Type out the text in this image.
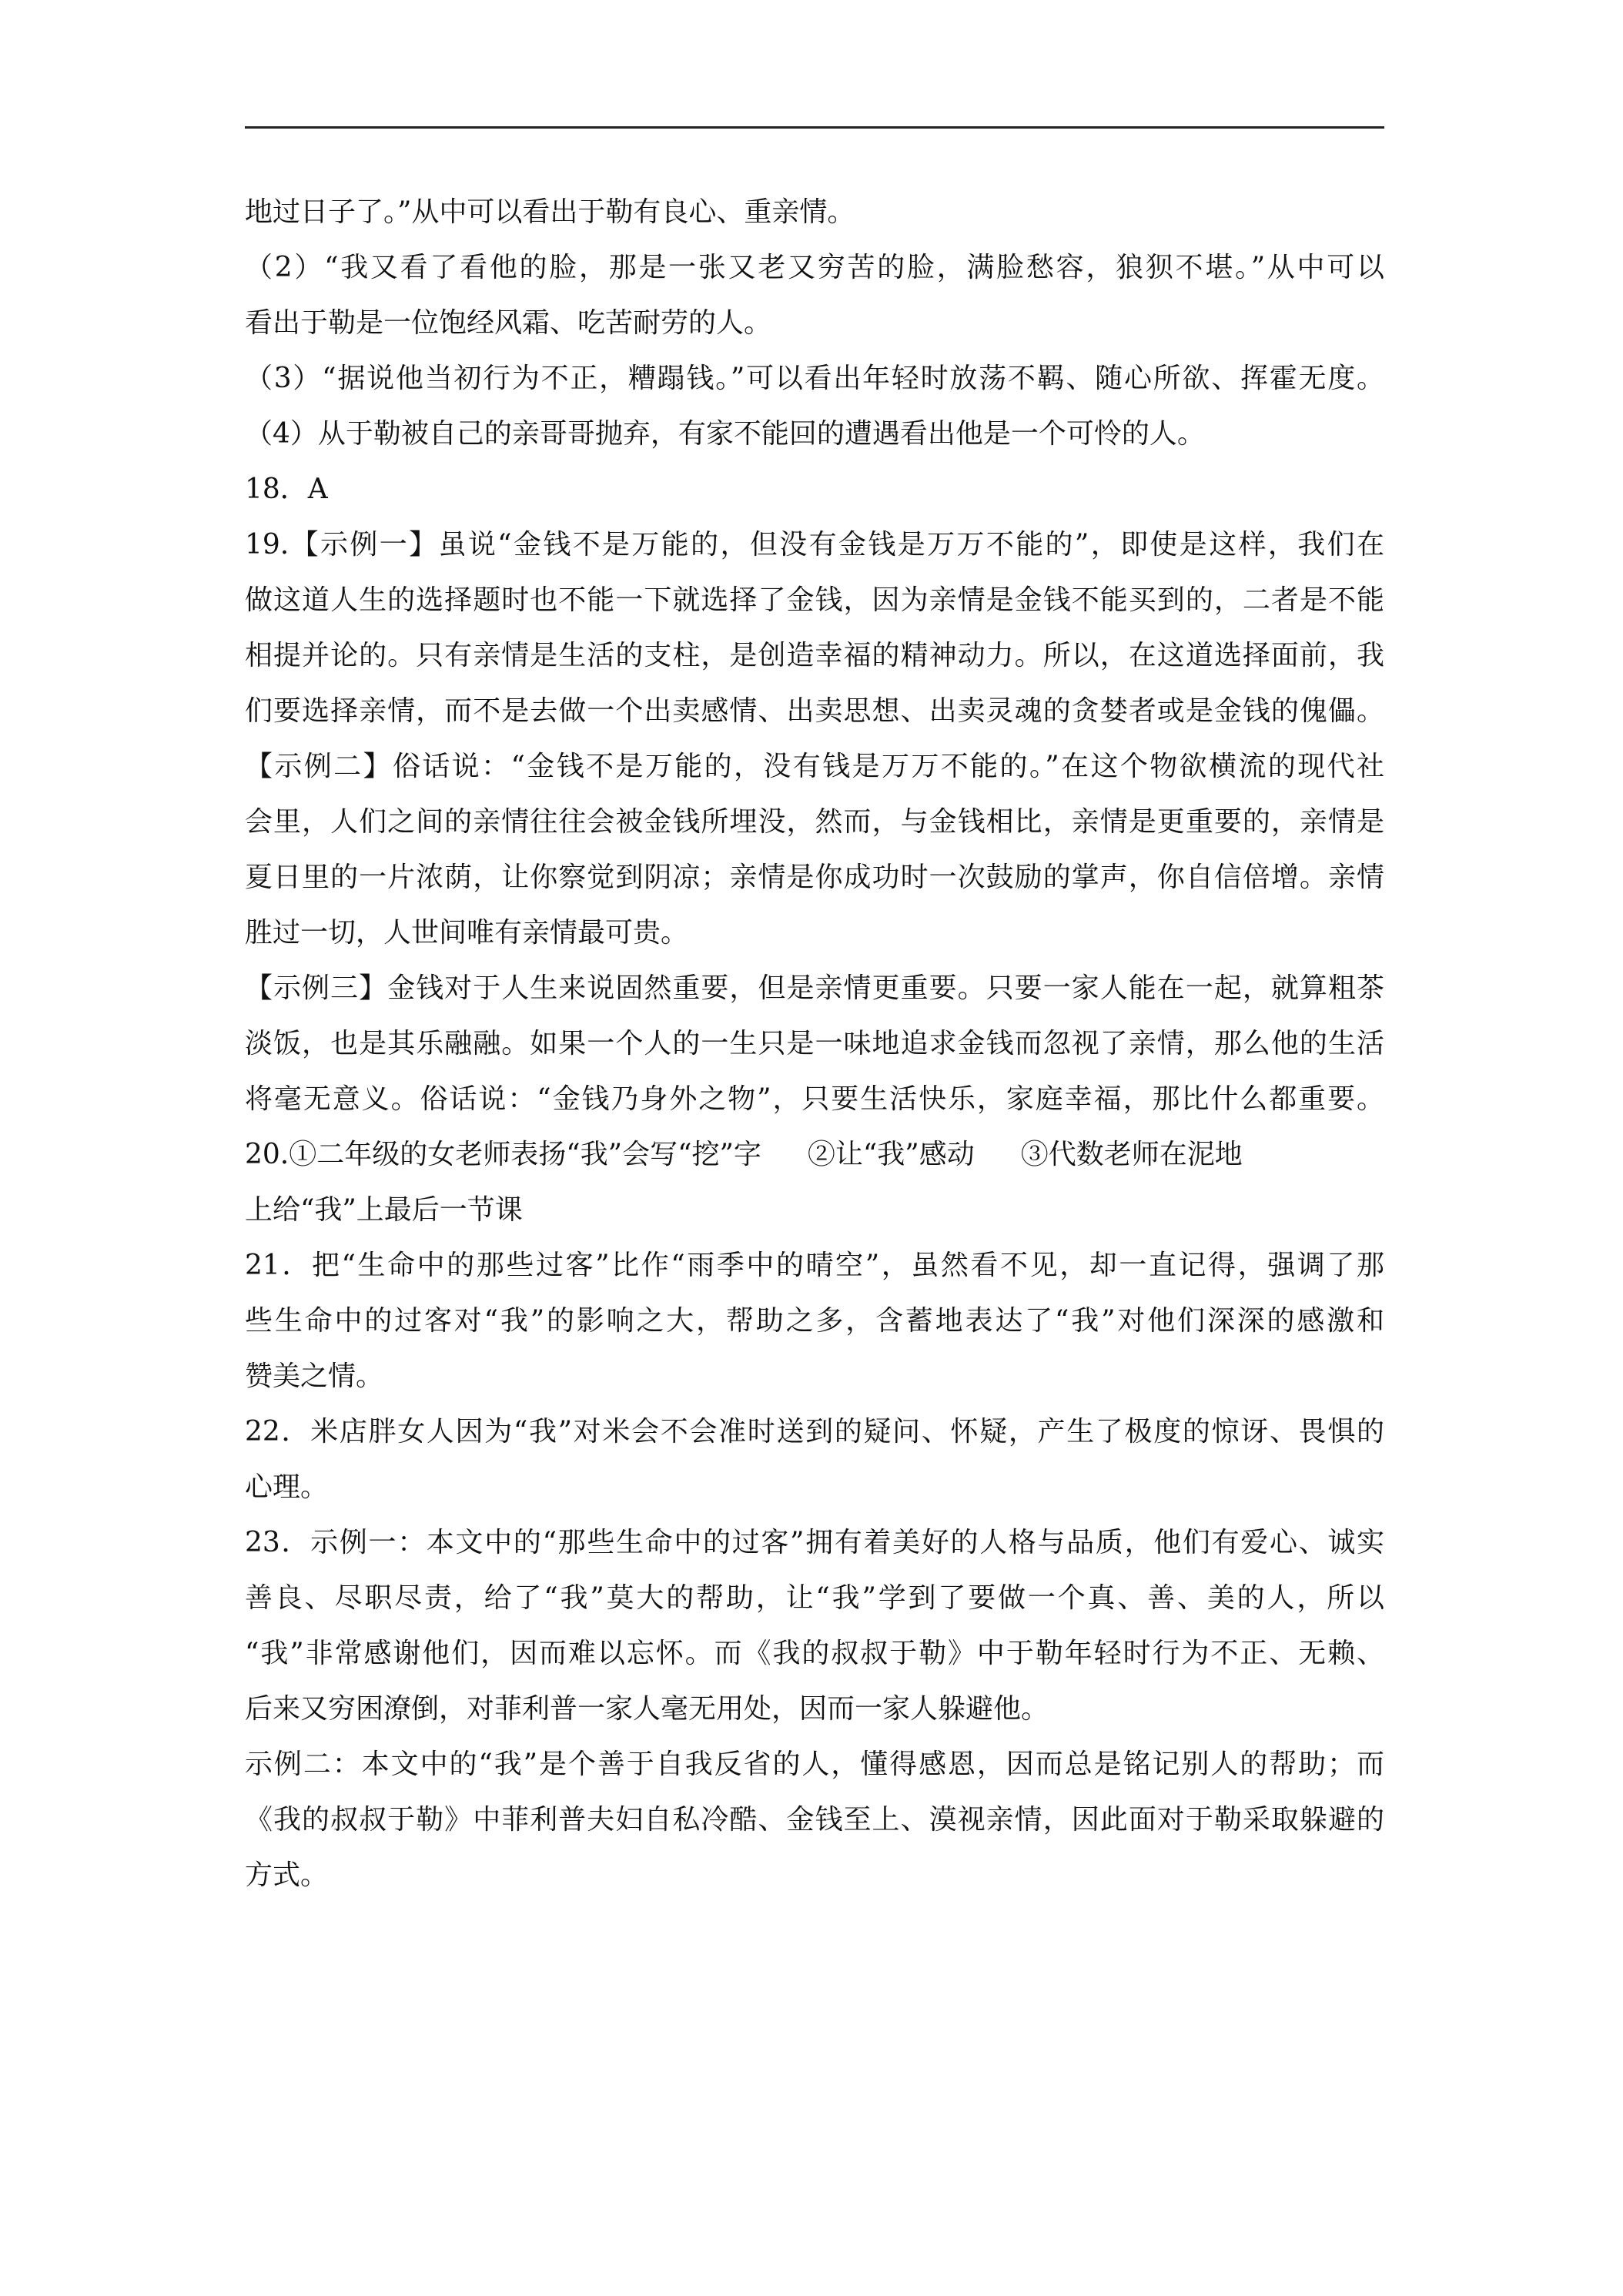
地过日子了。”从中可以看出于勒有良心、重亲情。
（2）“我又看了看他的脸，那是一张又老又穷苦的脸，满脸愁容，狼狈不堪。”从中可以
看出于勒是一位饱经风霜、吃苦耐劳的人。
（3）“据说他当初行为不正，糟蹋钱。”可以看出年轻时放荡不羁、随心所欲、挥霍无度。
（4）从于勒被自己的亲哥哥抛弃，有家不能回的遭遇看出他是一个可怜的人。
18．A
19.【示例一】虽说“金钱不是万能的，但没有金钱是万万不能的”，即使是这样，我们在
做这道人生的选择题时也不能一下就选择了金钱，因为亲情是金钱不能买到的，二者是不能
相提并论的。只有亲情是生活的支柱，是创造幸福的精神动力。所以，在这道选择面前，我
们要选择亲情，而不是去做一个出卖感情、出卖思想、出卖灵魂的贪婪者或是金钱的傀儡。
【示例二】俗话说：“金钱不是万能的，没有钱是万万不能的。”在这个物欲横流的现代社
会里，人们之间的亲情往往会被金钱所埋没，然而，与金钱相比，亲情是更重要的，亲情是
夏日里的一片浓荫，让你察觉到阴凉；亲情是你成功时一次鼓励的掌声，你自信倍增。亲情
胜过一切，人世间唯有亲情最可贵。
【示例三】金钱对于人生来说固然重要，但是亲情更重要。只要一家人能在一起，就算粗茶
淡饭，也是其乐融融。如果一个人的一生只是一味地追求金钱而忽视了亲情，那么他的生活
将毫无意义。俗话说：“金钱乃身外之物”，只要生活快乐，家庭幸福，那比什么都重要。
20.①二年级的女老师表扬“我”会写“挖”字 ②让“我”感动 ③代数老师在泥地
上给“我”上最后一节课
21．把“生命中的那些过客”比作“雨季中的晴空”，虽然看不见，却一直记得，强调了那
些生命中的过客对“我”的影响之大，帮助之多，含蓄地表达了“我”对他们深深的感激和
赞美之情。
22．米店胖女人因为“我”对米会不会准时送到的疑问、怀疑，产生了极度的惊讶、畏惧的
心理。
23．示例一：本文中的“那些生命中的过客”拥有着美好的人格与品质，他们有爱心、诚实
善良、尽职尽责，给了“我”莫大的帮助，让“我”学到了要做一个真、善、美的人，所以
“我”非常感谢他们，因而难以忘怀。而《我的叔叔于勒》中于勒年轻时行为不正、无赖、
后来又穷困潦倒，对菲利普一家人毫无用处，因而一家人躲避他。
示例二：本文中的“我”是个善于自我反省的人，懂得感恩，因而总是铭记别人的帮助；而
《我的叔叔于勒》中菲利普夫妇自私冷酷、金钱至上、漠视亲情，因此面对于勒采取躲避的
方式。
